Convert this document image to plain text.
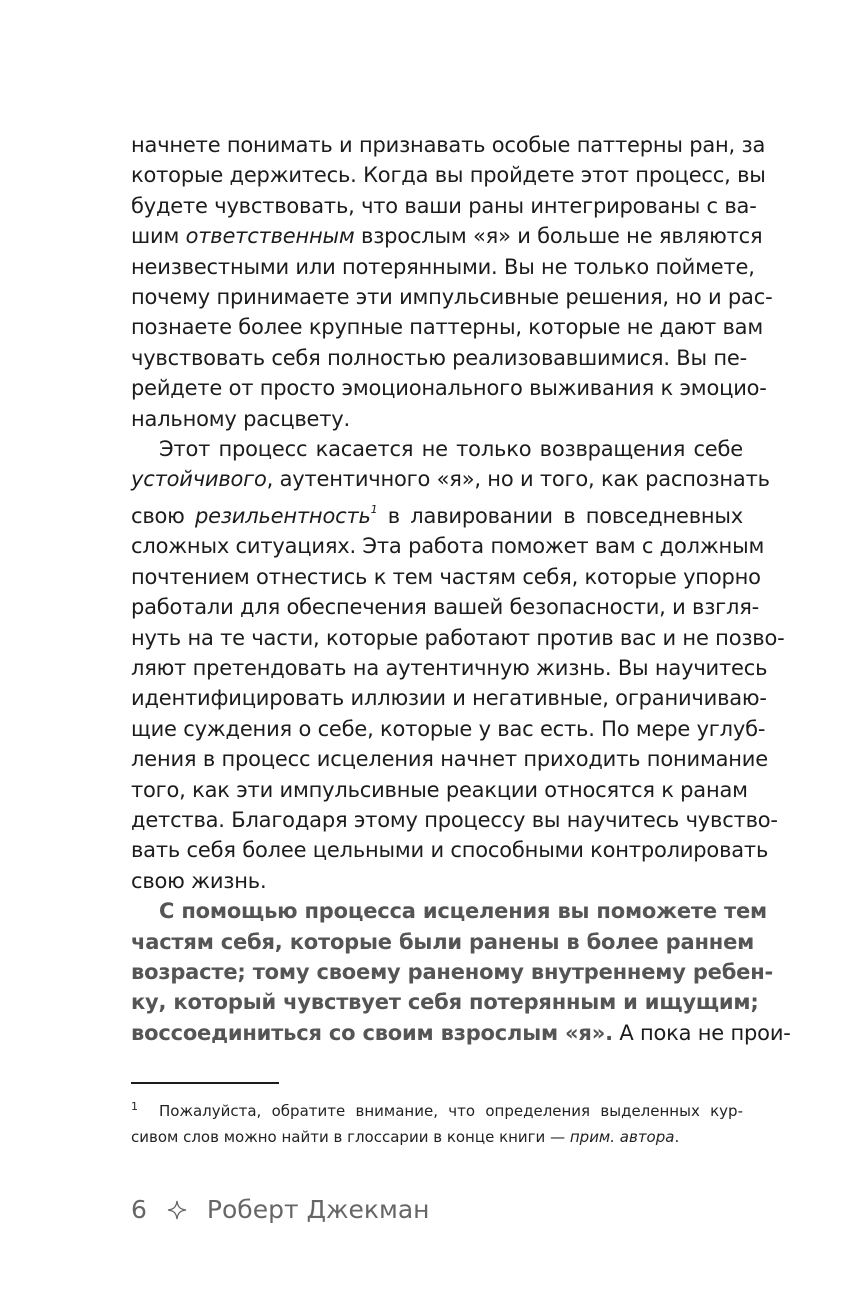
начнете понимать и признавать особые паттерны ран, за
которые держитесь. Когда вы пройдете этот процесс, вы
будете чувствовать, что ваши раны интегрированы с ва-
шим ответственным взрослым «я» и больше не являются
неизвестными или потерянными. Вы не только поймете,
почему принимаете эти импульсивные решения, но и рас-
познаете более крупные паттерны, которые не дают вам
чувствовать себя полностью реализовавшимися. Вы пе-
рейдете от просто эмоционального выживания к эмоцио-
нальному расцвету.
Этот процесс касается не только возвращения себе
устойчивого, аутентичного «я», но и того, как распознать
свою резильентность$^1$ в лавировании в повседневных
сложных ситуациях. Эта работа поможет вам с должным
почтением отнестись к тем частям себя, которые упорно
работали для обеспечения вашей безопасности, и взгля-
нуть на те части, которые работают против вас и не позво-
ляют претендовать на аутентичную жизнь. Вы научитесь
идентифицировать иллюзии и негативные, ограничиваю-
щие суждения о себе, которые у вас есть. По мере углуб-
ления в процесс исцеления начнет приходить понимание
того, как эти импульсивные реакции относятся к ранам
детства. Благодаря этому процессу вы научитесь чувство-
вать себя более цельными и способными контролировать
свою жизнь.
С помощью процесса исцеления вы поможете тем
частям себя, которые были ранены в более раннем
возрасте; тому своему раненому внутреннему ребен-
ку, который чувствует себя потерянным и ищущим;
воссоединиться со своим взрослым «я». А пока не прои-
1	Пожалуйста, обратите внимание, что определения выделенных кур-
сивом слов можно найти в глоссарии в конце книги — прим. автора.
6 Роберт Джекман
